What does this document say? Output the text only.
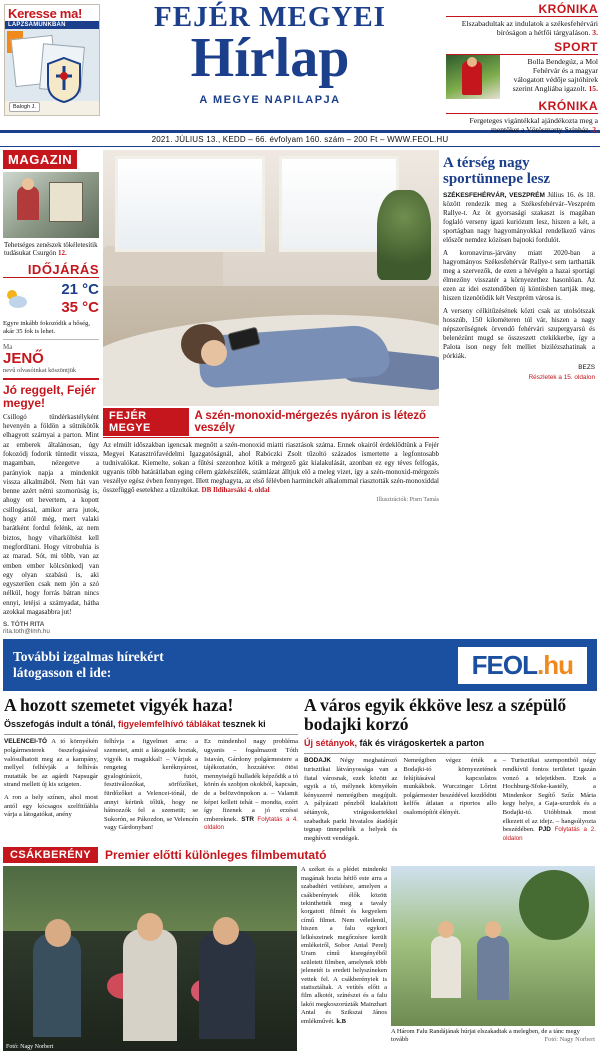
Keresse ma!
LAPZSÁMUNKBAN
Balogh J.
FEJÉR MEGYEI
Hírlap
A MEGYE NAPILAPJA
KRÓNIKA
Elszabadultak az indulatok a székesfehérvári bíróságon a hétfői tárgyaláson. 3.
SPORT
Bolla Bendegúz, a Mol Fehérvár és a magyar válogatott védője sajtóhírek szerint Angliába igazolt. 15.
KRÓNIKA
Fergeteges vigántékkal ajándékozta meg a mentőket a Vörösmarty Színház. 2.
2021. JÚLIUS 13., KEDD – 66. évfolyam 160. szám – 200 Ft – WWW.FEOL.HU
MAGAZIN
Tehetséges zenészek tökéletesítik tudásukat Csurgón 12.
IDŐJÁRÁS
21 °C
35 °C
Egyre inkább fokozódik a hőség, akár 35 fok is lehet.
Ma
JENŐ
nevű olvasóinkat köszöntjük
Jó reggelt, Fejér megye!
Csillogó tündérkastélyként hevenyén a földön a sütnikötők elhagyott szárnyai a parton. Mint az emberek általánosan, úgy fokozódj fodorik tüntedit vissza, magamban, nézegetve a parányiok napja a mindenkit vissza alkalmából. Nem hát van benne azért némi szomorúság is, ahogy ott hevertem, a kopott csillogással, amikor arra jutok, hogy attól még, mert valaki barátként fordul felénk, az nem biztos, hogy viharköltést kell megfordítani. Hogy vitrobuhia is az marad. Sót, mi több, van az emben ember kölcsönkedj van egy olyan szabású is, aki egyszerűen csak nem jön a szó nélkül, hogy forrás bátran nincs ennyi, letéjsi a számyadat, hátha azokkal magasabbra jut!
S. TÓTH RITA
rita.toth@lmh.hu
FEJÉR MEGYE
A szén-monoxid-mérgezés nyáron is létező veszély
Az elmúlt időszakban igencsak megnőtt a szén-monoxid miatti riasztások száma. Ennek okairól érdeklődtünk a Fejér Megyei Katasztrófavédelmi Igazgatóságnál, ahol Rabóczki Zsolt tűzoltó százados ismertette a legfontosabb tudnivalókat. Kiemelte, sokan a fűtési szezonhoz kötik a mérgező gáz kialakulását, azonban ez egy téves felfogás, ugyanis több határátlaban eging célem gázkészülék, számlázat álltjuk elő a meleg vizet, így a szén-monoxid-mérgezés veszélye egész évben fennyeget. Illett meghagyta, az első félévben harminckét alkalommal riasztották szén-monoxiddal összefüggő esetekhez a tűzoltókat. DB Ildiharsáki 4. oldal
Illusztrációk: Pisrn Tamás
A térség nagy sportünnepe lesz
SZÉKESFEHÉRVÁR, VESZPRÉM Július 16. és 18. között rendezik meg a Székesfehérvár–Veszprém Rallye-t. Az öt gyorsasági szakaszt is magában foglaló verseny igazi kuriózum lesz, hiszen a két, a sportágban nagy hagyományokkal rendelkező város előszőr nemdez közösen bajnoki fordulót.
A koronavírus-járvány miatt 2020-ban a hagyományos Székesfehérvár Rallye-t sem tarthatták meg a szervezők, de ezen a hévégén a hazai sportági élmezőny visszatér a környezethez hasonlóan. Az ezen az idei esztendőben új köntösben tartják meg, hiszen tizenötödik két Veszprém városa is.
A verseny célkitűzésének közti csak az utolsótszak hosszúb, 150 kilométeren túl vár, hiszen a nagy népszerűségnek örvendő fehérvári szupergyarsú és belenézünt mugd se összeszett ctekikkerbe, így a Palota ison negy felt melliet bizilézszhatinak a pórkiák.
BEZS
Részletek a 15. oldalon
További izgalmas hírekért
látogasson el ide:	FEOL.hu
A hozott szemetet vigyék haza!
Összefogás indult a tónál, figyelemfelhívó táblákat tesznek ki
VELENCEI-TÓ A tó környékén polgármesterek összefogásával valósulhatott meg az a kampány, mellyel felhívják a felhívás mutatták be az agárdi Napsugár strand mellett új kis szigeten.
A ron a hely színen, ahol most antól egy kócsagos szelfitűábla várja a látogatókat, anény
felhívja a figyelmet arra: a szemetet, amit a látogatók hoztak, vigyék is magukkal! – Várjuk a rengeteg keréknyárost, gyalogtúrázót, futót, fesztiválozókat, sörfőzőket, fürdőzőket a Velencei-tónál, de annyi kérünk tőlük, hogy ne hátnozzók fel a szemetit; se Sukorón, se Pákozdon, se Velencén vagy Gárdonyban!
Ez mindenhol nagy probléma ugyanis – fogalmazott Tóth Istaván, Gárdony polgármestere a tájékoztatón, hozzátéve: ötösi mennyiségű hulladék képződik a tó körén és szobjon okokból, kapcsán, de a belözvönpokon a. – Valamit képei kellett tehát – mondta, ezért így fizenek a jó erzéssi cmbereknek. STR Folytatás a 4. oldalon
A város egyik ékköve lesz a szépülő bodajki korzó
Új sétányok, fák és virágoskertek a parton
BODAJK Négy meghatározó turisztikai látványossága van a fiatal városnak, ezek között az egyik a tó, mélynek környékén kényszerré nemrégiben megújult. A pályázati pénzből kialakított sétányok, virágoskertekkel szabadtak parki hivatalos átadóját tegnap ünnepelték a helyek és meghívott vendégek.
Nemrégiben végez érték a Bodajki-tó környezetének felújításával kapcsolatos munkákbok. Wurczinger Lőrint polgármester beszédével kezdődött kelfős átlatan a riportos allo osalomópítót élényét.
– Turisztikai szempontból négy rendkívül fontos területet igazán vonzó a telejetkben. Ezek a Hochburg-Sfoke-kastély, a Mindenkor Segítő Szűz Mária kegy helye, a Gaja-szurdok és a Bodajki-tó. Utóbbinak most elkezett el az idejz. – hangsúlyozta beszédében. PJD Folytatás a 2. oldalon
CSÁKBERÉNY	Premier előtti különleges filmbemutató
Fotó: Nagy Norbert
A széket és a plédet mindenki magának hozta hétfő este arra a szabadtéri vetítésre, amelyen a csákberényiek élők között tekinthették meg a tavaly korgatott filmét és kegyelem című filmet. Nem véletlenül, hiszen a falu egykori lelkészeinek megőrzésre került emlékeiről, Sobor Antal Perelj Uram című kisregényéből született filmben, amelynek több jelenetét is eredeti helyszíneken vettek fel. A csákberényiek is statisztáltak. A vetítés előtt a film alkotói, színészei és a falu lakói megkoszorúzták Mainzhart Antal és Szikszai János emlékművét. k.B
A Három Falu Randájának húrjai elszakadtak a melegben, de a tánc megy tovább	Fotó: Nagy Norbert
